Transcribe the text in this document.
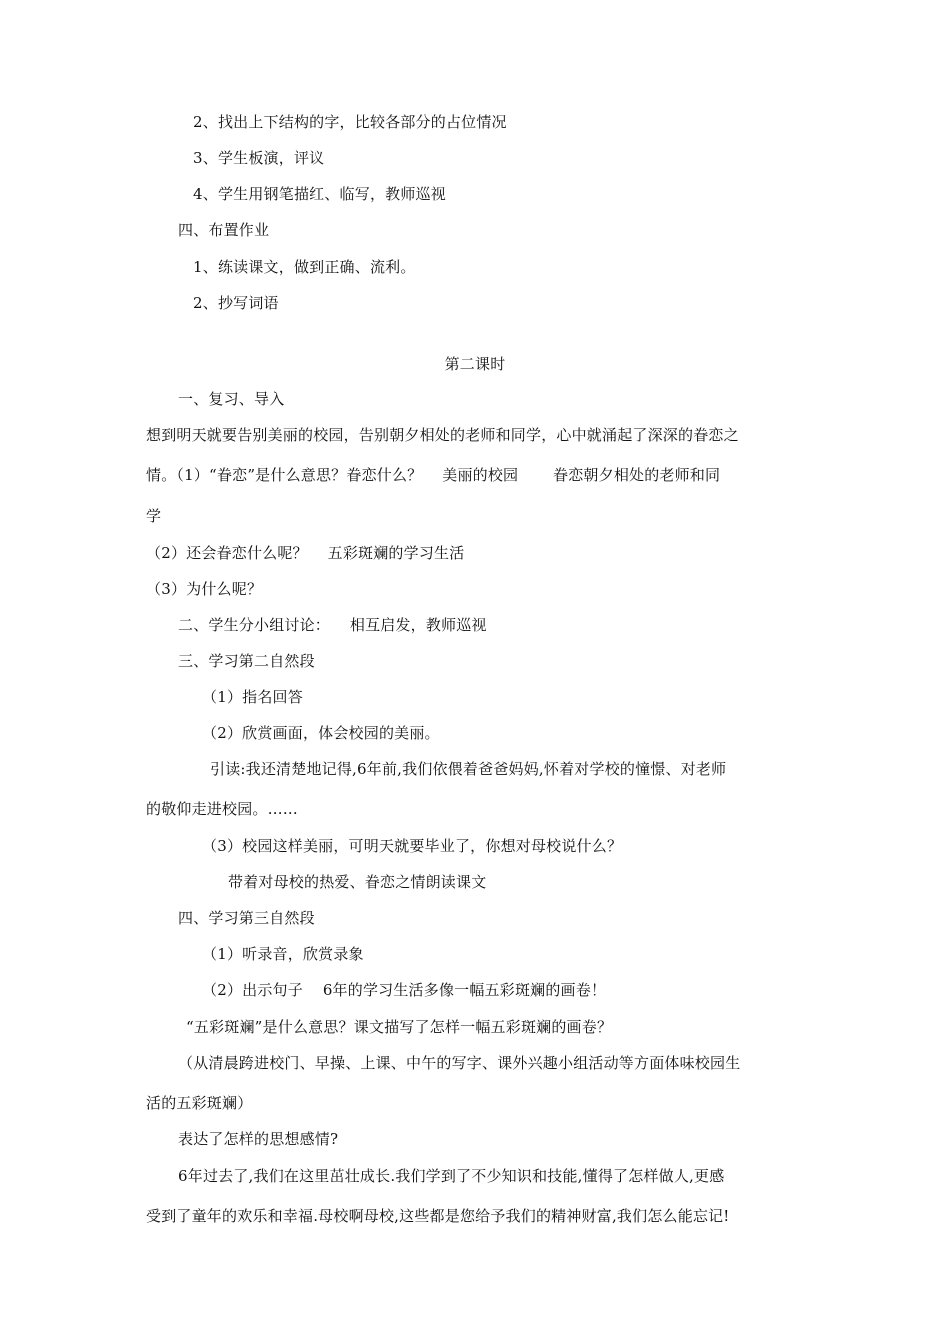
2、找出上下结构的字，比较各部分的占位情况
3、学生板演，评议
4、学生用钢笔描红、临写，教师巡视
四、布置作业
1、练读课文，做到正确、流利。
2、抄写词语
第二课时
一、复习、导入
想到明天就要告别美丽的校园，告别朝夕相处的老师和同学，心中就涌起了深深的眷恋之
情。（1）“眷恋”是什么意思？眷恋什么？    美丽的校园       眷恋朝夕相处的老师和同
学
（2）还会眷恋什么呢？    五彩斑斓的学习生活
（3）为什么呢？
二、学生分小组讨论：    相互启发，教师巡视
三、学习第二自然段
（1）指名回答
（2）欣赏画面，体会校园的美丽。
引读:我还清楚地记得,6年前,我们依偎着爸爸妈妈,怀着对学校的憧憬、对老师
的敬仰走进校园。……
（3）校园这样美丽，可明天就要毕业了，你想对母校说什么？
带着对母校的热爱、眷恋之情朗读课文
四、学习第三自然段
（1）听录音，欣赏录象
（2）出示句子    6年的学习生活多像一幅五彩斑斓的画卷！
“五彩斑斓”是什么意思？课文描写了怎样一幅五彩斑斓的画卷？
（从清晨跨进校门、早操、上课、中午的写字、课外兴趣小组活动等方面体味校园生
活的五彩斑斓）
表达了怎样的思想感情?
6年过去了,我们在这里茁壮成长.我们学到了不少知识和技能,懂得了怎样做人,更感
受到了童年的欢乐和幸福.母校啊母校,这些都是您给予我们的精神财富,我们怎么能忘记!
